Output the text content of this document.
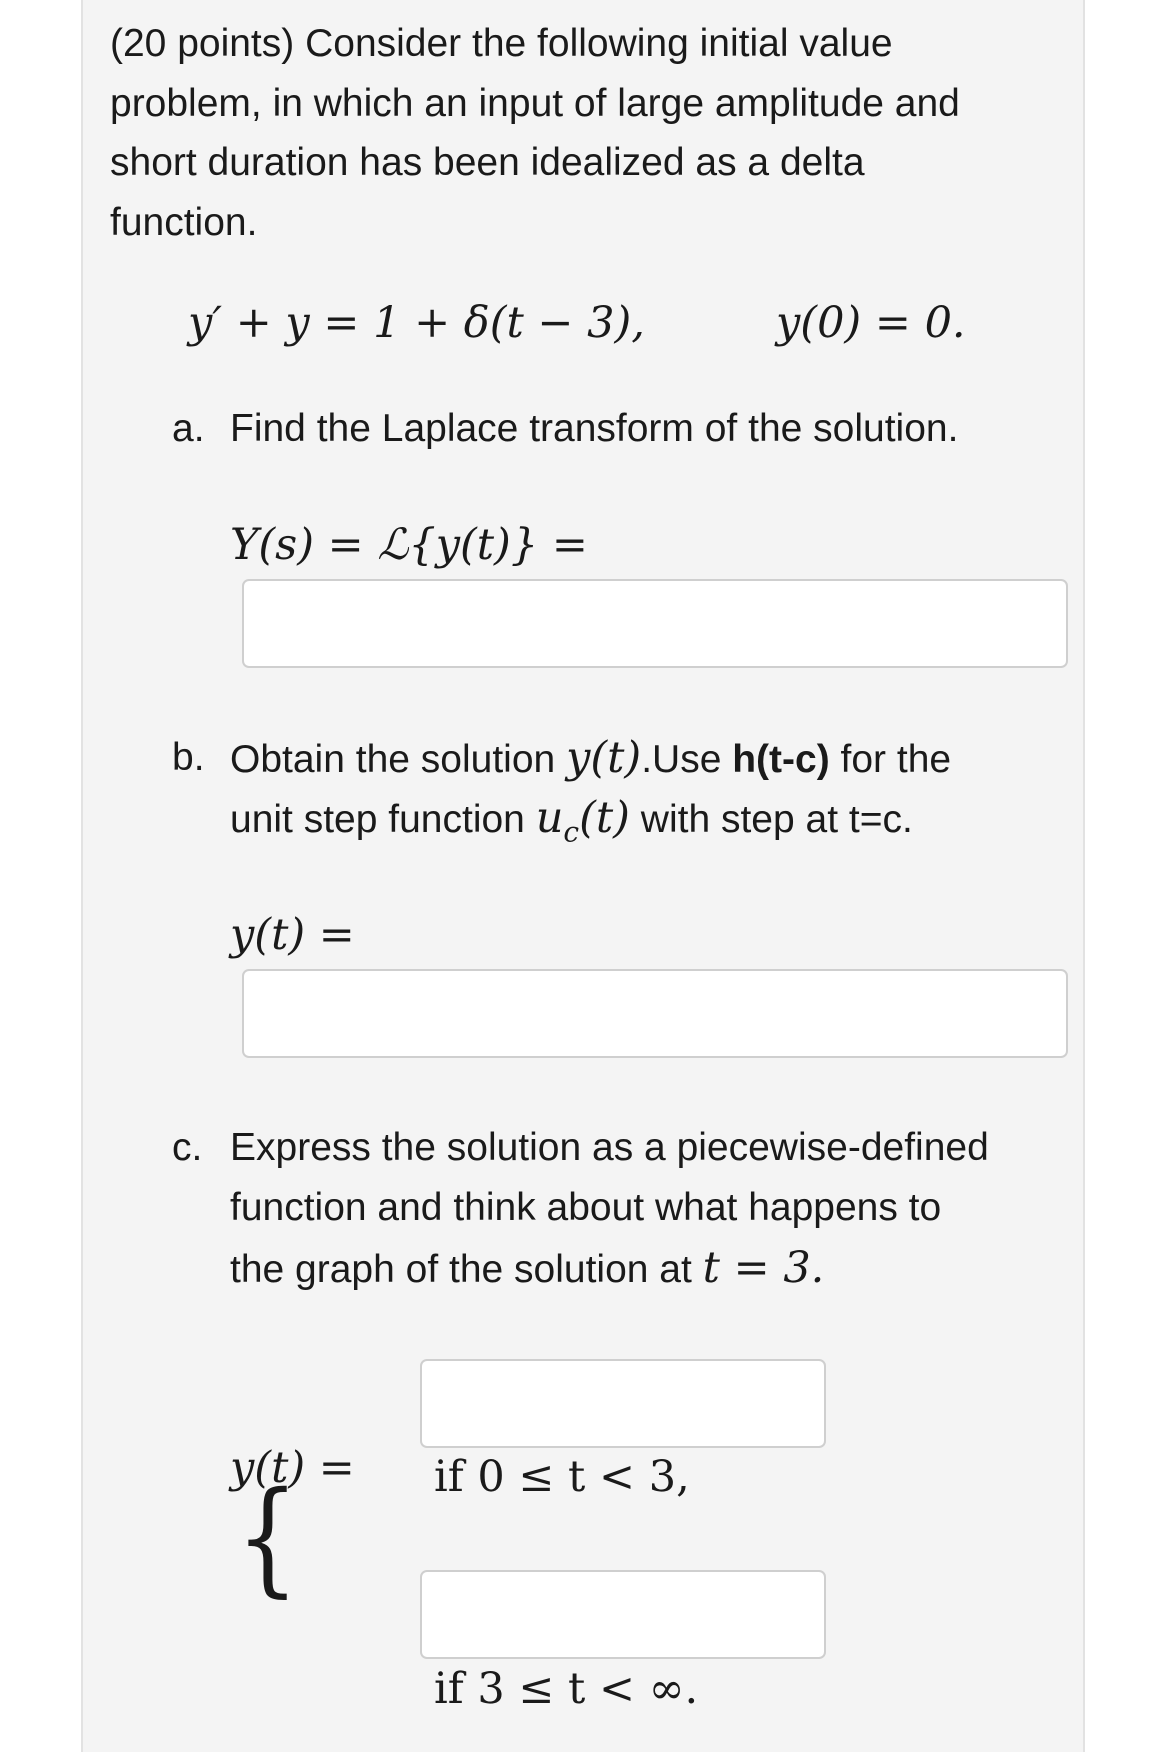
(20 points) Consider the following initial value
problem, in which an input of large amplitude and
short duration has been idealized as a delta
function.
y′ + y = 1 + δ(t − 3),	y(0) = 0.
a. Find the Laplace transform of the solution.
Y(s) = ℒ{y(t)} =
b. Obtain the solution y(t).Use h(t-c) for the
unit step function $u_c(t)$ with step at t=c.
y(t) =
c. Express the solution as a piecewise-defined
function and think about what happens to
the graph of the solution at t = 3.
y(t) =
{	if 0 ≤ t < 3,
if 3 ≤ t < ∞.
